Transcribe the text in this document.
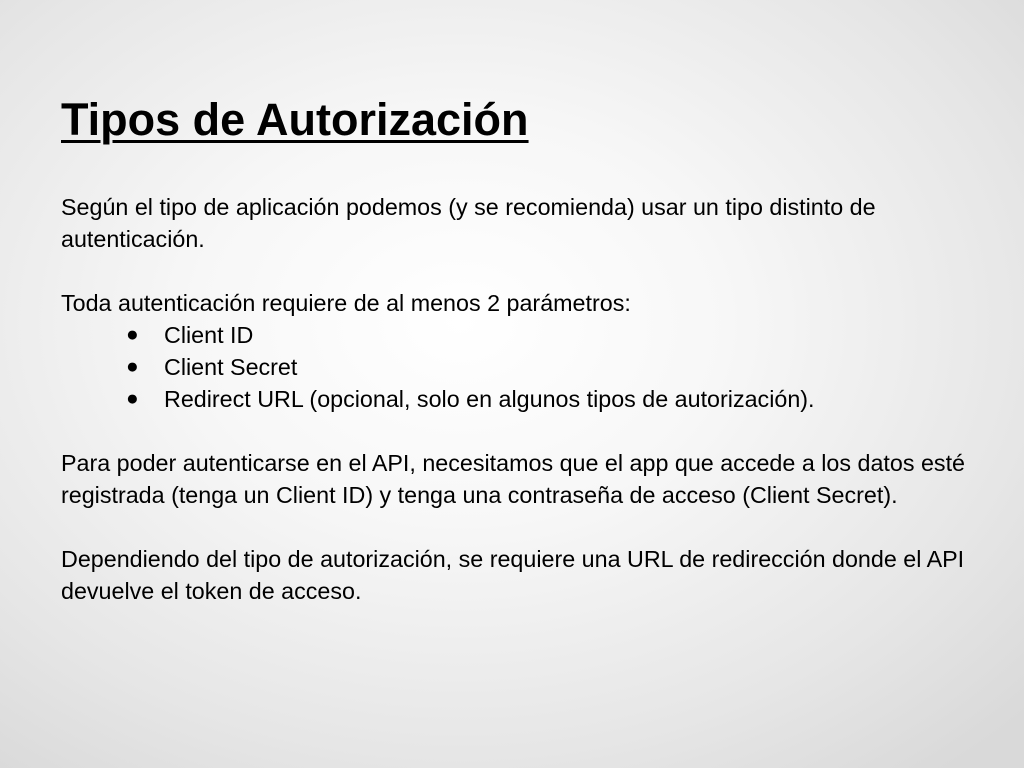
Tipos de Autorización

Según el tipo de aplicación podemos (y se recomienda) usar un tipo distinto de autenticación.

Toda autenticación requiere de al menos 2 parámetros:

● Client ID
● Client Secret
● Redirect URL (opcional, solo en algunos tipos de autorización).

Para poder autenticarse en el API, necesitamos que el app que accede a los datos esté registrada (tenga un Client ID) y tenga una contraseña de acceso (Client Secret).

Dependiendo del tipo de autorización, se requiere una URL de redirección donde el API devuelve el token de acceso.
